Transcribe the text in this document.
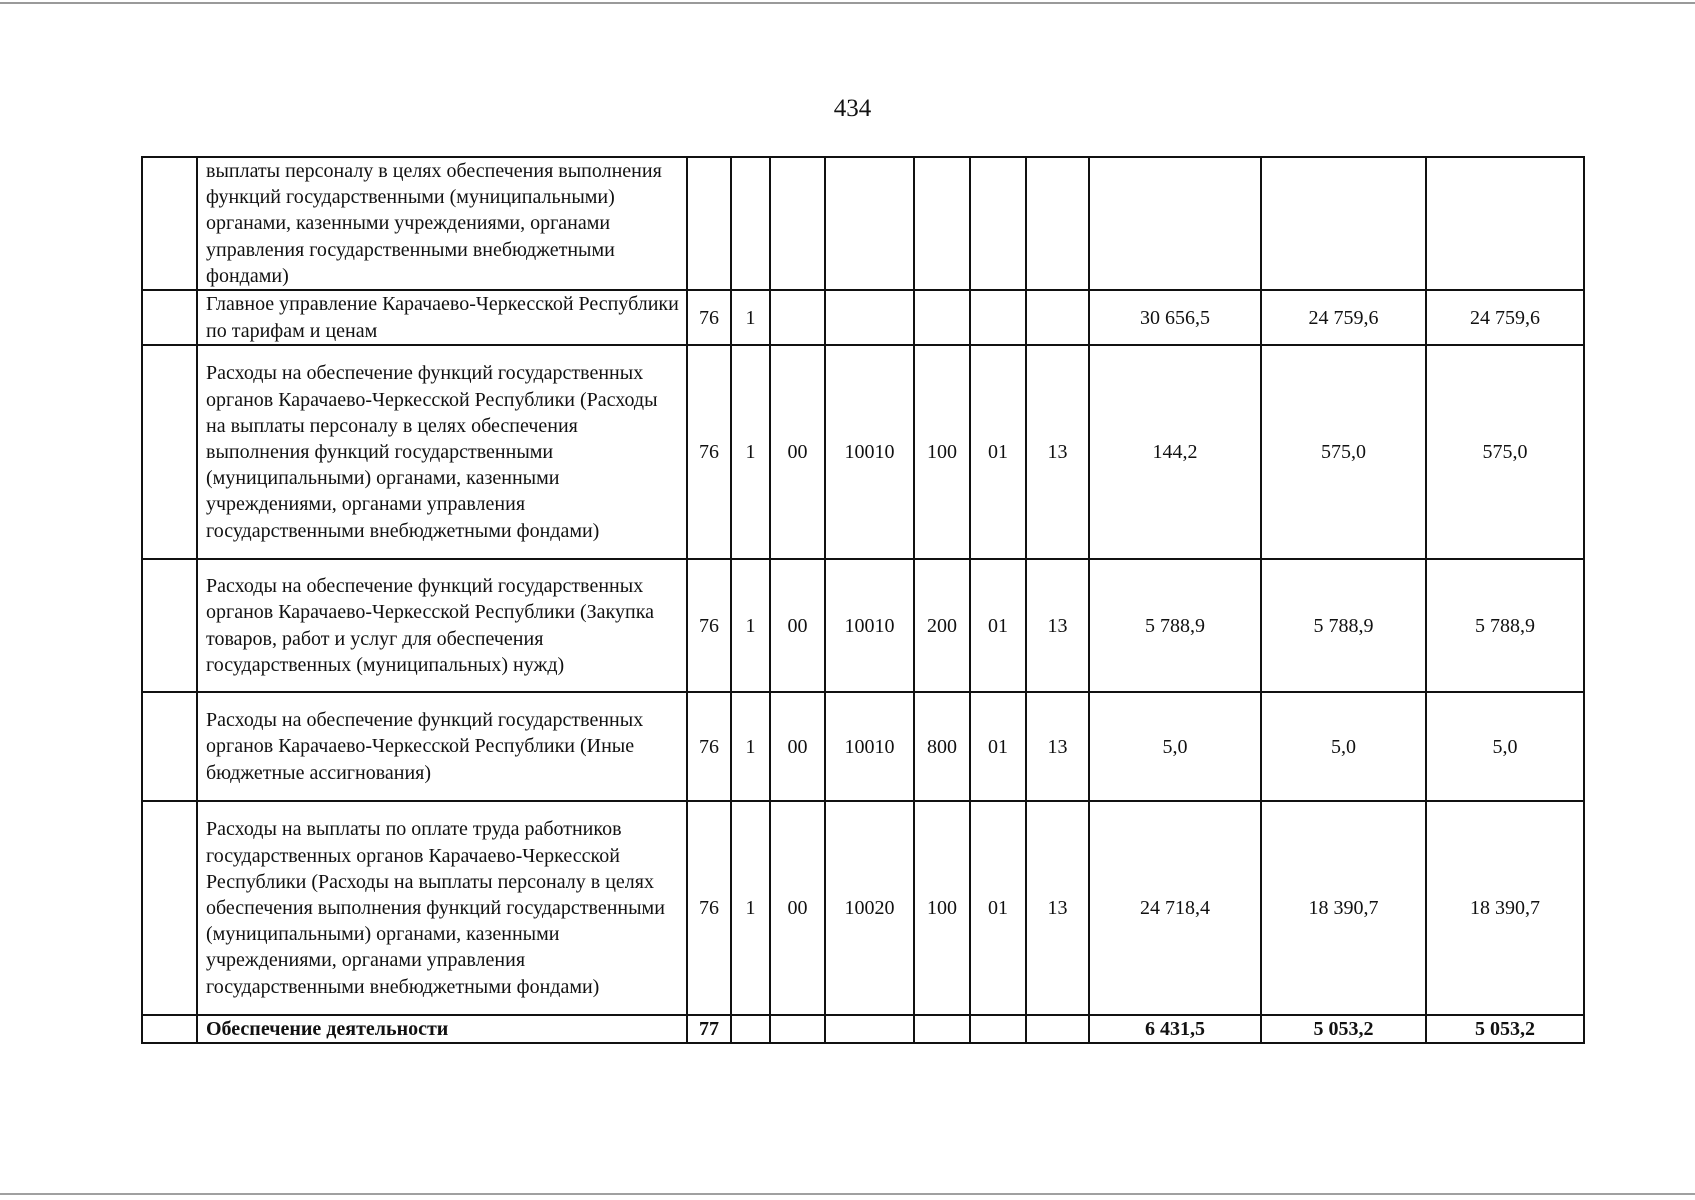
434
	выплаты персоналу в целях обеспечения выполнения функций государственными (муниципальными) органами, казенными учреждениями, органами управления государственными внебюджетными фондами)										
	Главное управление Карачаево-Черкесской Республики по тарифам и ценам	76	1						30 656,5	24 759,6	24 759,6
	Расходы на обеспечение функций государственных органов Карачаево-Черкесской Республики (Расходы на выплаты персоналу в целях обеспечения выполнения функций государственными (муниципальными) органами, казенными учреждениями, органами управления государственными внебюджетными фондами)	76	1	00	10010	100	01	13	144,2	575,0	575,0
	Расходы на обеспечение функций государственных органов Карачаево-Черкесской Республики (Закупка товаров, работ и услуг для обеспечения государственных (муниципальных) нужд)	76	1	00	10010	200	01	13	5 788,9	5 788,9	5 788,9
	Расходы на обеспечение функций государственных органов Карачаево-Черкесской Республики (Иные бюджетные ассигнования)	76	1	00	10010	800	01	13	5,0	5,0	5,0
	Расходы на выплаты по оплате труда работников государственных органов Карачаево-Черкесской Республики (Расходы на выплаты персоналу в целях обеспечения выполнения функций государственными (муниципальными) органами, казенными учреждениями, органами управления государственными внебюджетными фондами)	76	1	00	10020	100	01	13	24 718,4	18 390,7	18 390,7
	Обеспечение деятельности	77							6 431,5	5 053,2	5 053,2
